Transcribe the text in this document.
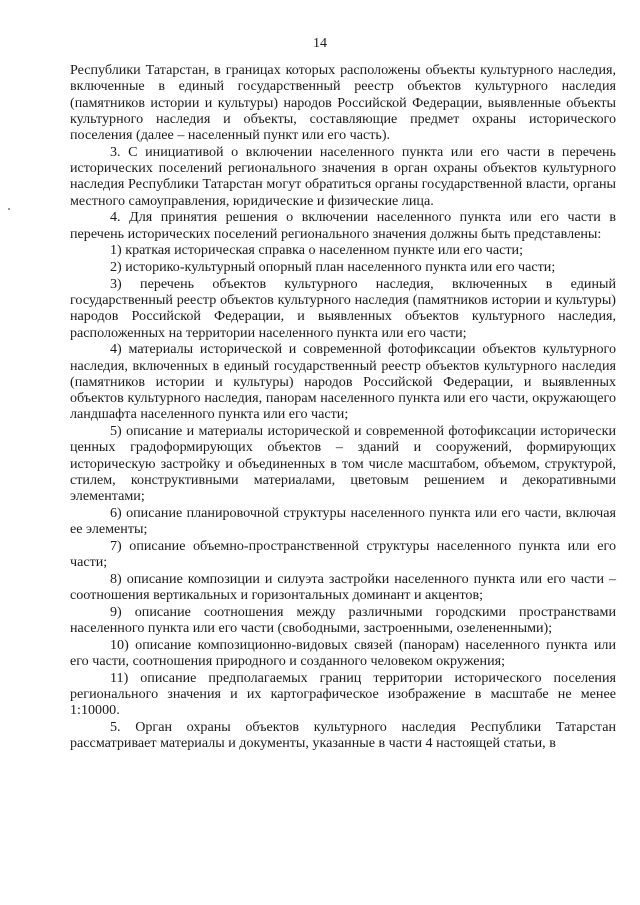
14

Республики Татарстан, в границах которых расположены объекты культурного наследия, включенные в единый государственный реестр объектов культурного наследия (памятников истории и культуры) народов Российской Федерации, выявленные объекты культурного наследия и объекты, составляющие предмет охраны исторического поселения (далее – населенный пункт или его часть).

3. С инициативой о включении населенного пункта или его части в перечень исторических поселений регионального значения в орган охраны объектов культурного наследия Республики Татарстан могут обратиться органы государственной власти, органы местного самоуправления, юридические и физические лица.

4. Для принятия решения о включении населенного пункта или его части в перечень исторических поселений регионального значения должны быть представлены:

1) краткая историческая справка о населенном пункте или его части;

2) историко-культурный опорный план населенного пункта или его части;

3) перечень объектов культурного наследия, включенных в единый государственный реестр объектов культурного наследия (памятников истории и культуры) народов Российской Федерации, и выявленных объектов культурного наследия, расположенных на территории населенного пункта или его части;

4) материалы исторической и современной фотофиксации объектов культурного наследия, включенных в единый государственный реестр объектов культурного наследия (памятников истории и культуры) народов Российской Федерации, и выявленных объектов культурного наследия, панорам населенного пункта или его части, окружающего ландшафта населенного пункта или его части;

5) описание и материалы исторической и современной фотофиксации исторически ценных градоформирующих объектов – зданий и сооружений, формирующих историческую застройку и объединенных в том числе масштабом, объемом, структурой, стилем, конструктивными материалами, цветовым решением и декоративными элементами;

6) описание планировочной структуры населенного пункта или его части, включая ее элементы;

7) описание объемно-пространственной структуры населенного пункта или его части;

8) описание композиции и силуэта застройки населенного пункта или его части – соотношения вертикальных и горизонтальных доминант и акцентов;

9) описание соотношения между различными городскими пространствами населенного пункта или его части (свободными, застроенными, озелененными);

10) описание композиционно-видовых связей (панорам) населенного пункта или его части, соотношения природного и созданного человеком окружения;

11) описание предполагаемых границ территории исторического поселения регионального значения и их картографическое изображение в масштабе не менее 1:10000.

5. Орган охраны объектов культурного наследия Республики Татарстан рассматривает материалы и документы, указанные в части 4 настоящей статьи, в
